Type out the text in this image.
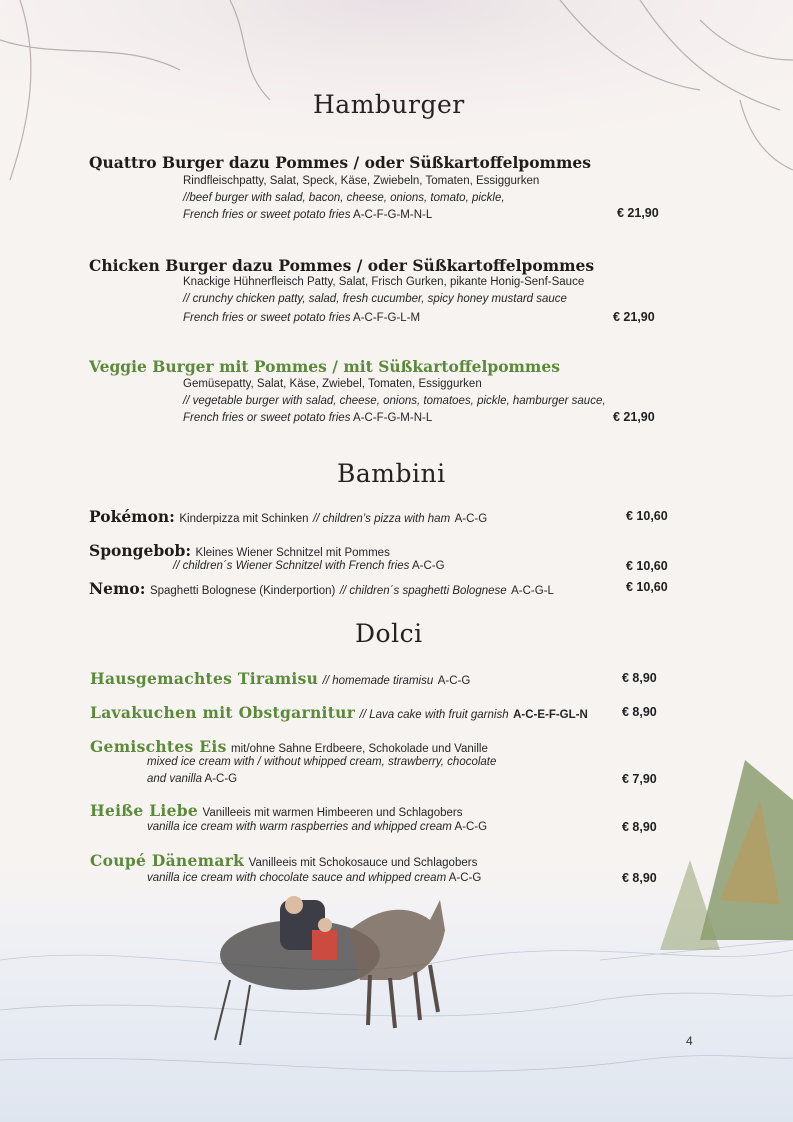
Hamburger
Quattro Burger dazu Pommes / oder Süßkartoffelpommes
Rindfleischpatty, Salat, Speck, Käse, Zwiebeln, Tomaten, Essiggurken
//beef burger with salad, bacon, cheese, onions, tomato, pickle,
French fries or sweet potato fries A-C-F-G-M-N-L	€ 21,90
Chicken Burger dazu Pommes / oder Süßkartoffelpommes
Knackige Hühnerfleisch Patty, Salat, Frisch Gurken, pikante Honig-Senf-Sauce
// crunchy chicken patty, salad, fresh cucumber, spicy honey mustard sauce
French fries or sweet potato fries A-C-F-G-L-M	€ 21,90
Veggie Burger mit Pommes / mit Süßkartoffelpommes
Gemüsepatty, Salat, Käse, Zwiebel, Tomaten, Essiggurken
// vegetable burger with salad, cheese, onions, tomatoes, pickle, hamburger sauce,
French fries or sweet potato fries A-C-F-G-M-N-L	€ 21,90
Bambini
Pokémon: Kinderpizza mit Schinken // children’s pizza with ham A-C-G	€ 10,60
Spongebob: Kleines Wiener Schnitzel mit Pommes
// children´s Wiener Schnitzel with French fries A-C-G	€ 10,60
Nemo: Spaghetti Bolognese (Kinderportion) // children´s spaghetti Bolognese A-C-G-L	€ 10,60
Dolci
Hausgemachtes Tiramisu // homemade tiramisu A-C-G	€ 8,90
Lavakuchen mit Obstgarnitur // Lava cake with fruit garnish A-C-E-F-GL-N	€ 8,90
Gemischtes Eis mit/ohne Sahne Erdbeere, Schokolade und Vanille
mixed ice cream with / without whipped cream, strawberry, chocolate
and vanilla A-C-G	€ 7,90
Heiße Liebe Vanilleeis mit warmen Himbeeren und Schlagobers
vanilla ice cream with warm raspberries and whipped cream A-C-G	€ 8,90
Coupé Dänemark Vanilleeis mit Schokosauce und Schlagobers
vanilla ice cream with chocolate sauce and whipped cream A-C-G	€ 8,90
4
